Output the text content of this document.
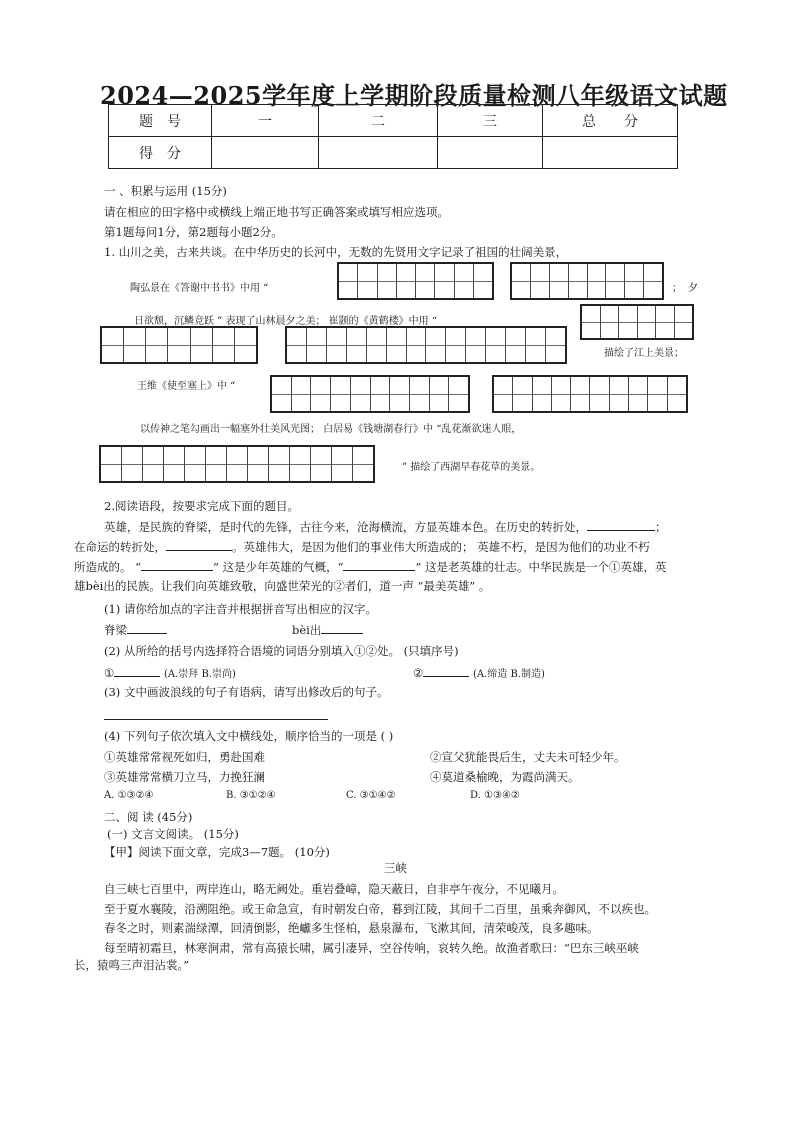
2024—2025学年度上学期阶段质量检测八年级语文试题
题　号	一	二	三	总　　分
得　分				
一 、积累与运用 (15分)
请在相应的田字格中或横线上端正地书写正确答案或填写相应选项。
第1题每问1分，第2题每小题2分。
1. 山川之美，古来共谈。在中华历史的长河中，无数的先贤用文字记录了祖国的壮阔美景，
陶弘景在《答谢中书书》中用 “	； 夕
日欲颓，沉鳞竞跃 ” 表现了山林晨夕之美； 崔颢的《黄鹤楼》中用 “
描绘了江上美景；
王维《使至塞上》中 “
以传神之笔勾画出一幅塞外壮美风光图； 白居易《钱塘湖春行》中 “乱花渐欲迷人眼，
” 描绘了西湖早春花草的美景。
2.阅读语段，按要求完成下面的题目。
英雄，是民族的脊梁，是时代的先锋，古往今来，沧海横流，方显英雄本色。在历史的转折处，	；
在命运的转折处，	。英雄伟大，是因为他们的事业伟大所造成的； 英雄不朽，是因为他们的功业不朽
所造成的。 “	” 这是少年英雄的气概，“	” 这是老英雄的壮志。中华民族是一个①英雄，英
雄bèi出的民族。让我们向英雄致敬，向盛世荣光的②者们，道一声 “最美英雄” 。
(1) 请你给加点的字注音并根据拼音写出相应的汉字。
脊梁	bèi出
(2) 从所给的括号内选择符合语境的词语分别填入①②处。 (只填序号)
①	(A.崇拜 B.崇尚)	②	(A.缔造 B.制造)
(3) 文中画波浪线的句子有语病，请写出修改后的句子。
(4) 下列句子依次填入文中横线处，顺序恰当的一项是 ( )
①英雄常常视死如归，勇赴国难	②宣父犹能畏后生，丈夫未可轻少年。
③英雄常常横刀立马，力挽狂澜	④莫道桑榆晚，为霞尚满天。
A. ①③②④	B. ③①②④	C. ③①④②	D. ①③④②
二、阅 读 (45分)
(一) 文言文阅读。 (15分)
【甲】阅读下面文章，完成3—7题。 (10分)
三峡
自三峡七百里中，两岸连山，略无阙处。重岩叠嶂，隐天蔽日，自非亭午夜分，不见曦月。
至于夏水襄陵，沿溯阻绝。或王命急宣，有时朝发白帝，暮到江陵，其间千二百里，虽乘奔御风，不以疾也。
春冬之时，则素湍绿潭，回清倒影，绝巘多生怪柏，悬泉瀑布，飞漱其间，清荣峻茂，良多趣味。
每至晴初霜旦，林寒涧肃，常有高猿长啸，属引凄异，空谷传响，哀转久绝。故渔者歌曰：“巴东三峡巫峡
长，猿鸣三声泪沾裳。”
